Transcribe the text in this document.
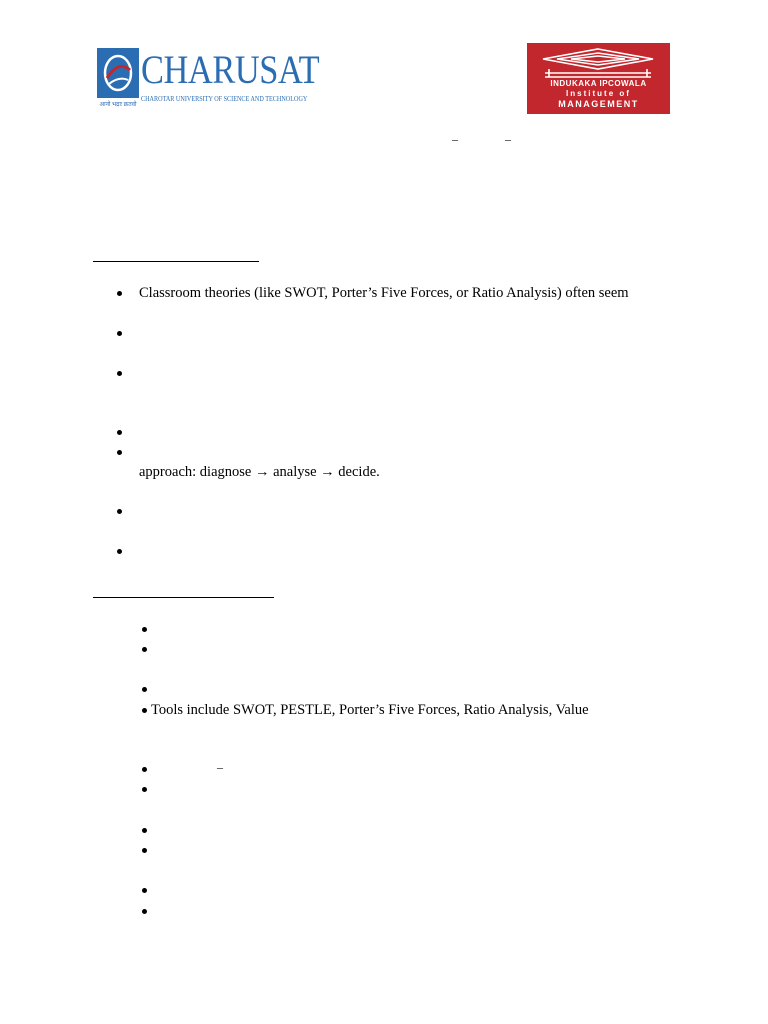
CHARUSAT
CHAROTAR UNIVERSITY OF SCIENCE AND TECHNOLOGY
आनो भद्राः क्रतवो
INDUKAKA IPCOWALA
Institute of
MANAGEMENT
–	–
Classroom theories (like SWOT, Porter’s Five Forces, or Ratio Analysis) often seem
approach: diagnose → analyse → decide.
Tools include SWOT, PESTLE, Porter’s Five Forces, Ratio Analysis, Value
–
